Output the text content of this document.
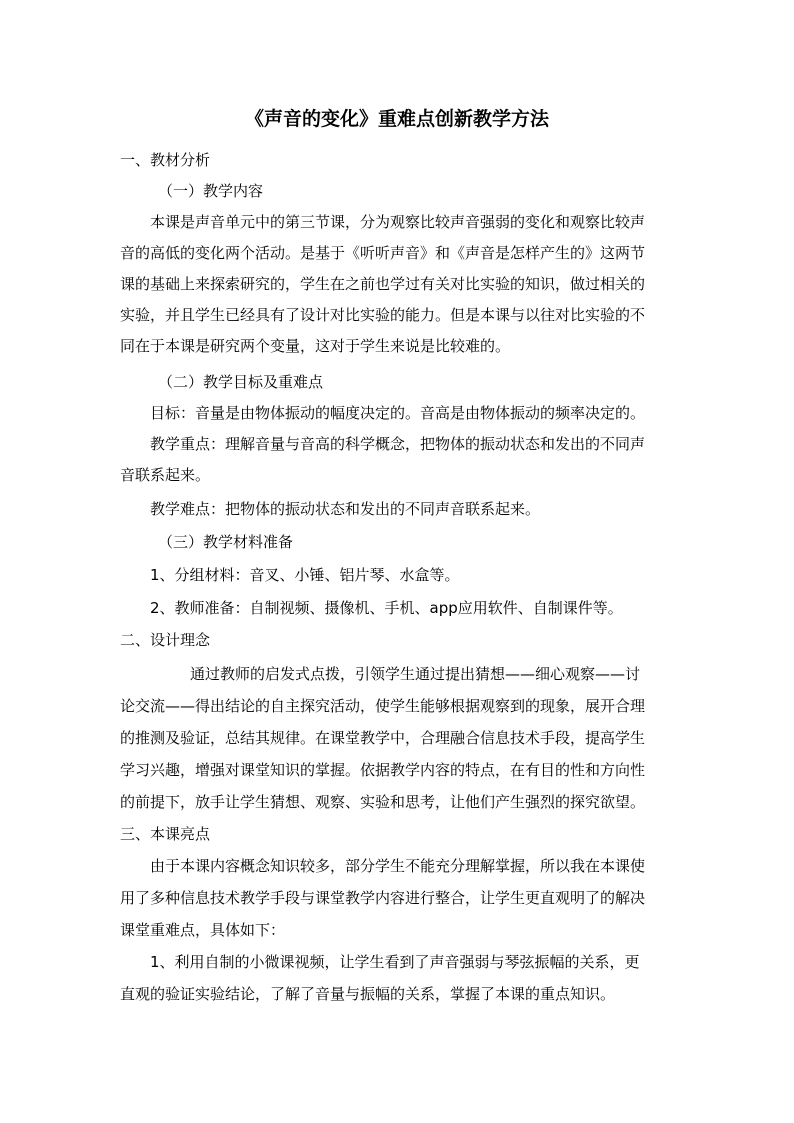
《声音的变化》重难点创新教学方法
一、教材分析
（一）教学内容
本课是声音单元中的第三节课，分为观察比较声音强弱的变化和观察比较声
音的高低的变化两个活动。是基于《听听声音》和《声音是怎样产生的》这两节
课的基础上来探索研究的，学生在之前也学过有关对比实验的知识，做过相关的
实验，并且学生已经具有了设计对比实验的能力。但是本课与以往对比实验的不
同在于本课是研究两个变量，这对于学生来说是比较难的。
（二）教学目标及重难点
目标：音量是由物体振动的幅度决定的。音高是由物体振动的频率决定的。
教学重点：理解音量与音高的科学概念，把物体的振动状态和发出的不同声
音联系起来。
教学难点：把物体的振动状态和发出的不同声音联系起来。
（三）教学材料准备
1、分组材料：音叉、小锤、铝片琴、水盒等。
2、教师准备：自制视频、摄像机、手机、app应用软件、自制课件等。
二、设计理念
通过教师的启发式点拨，引领学生通过提出猜想——细心观察——讨
论交流——得出结论的自主探究活动，使学生能够根据观察到的现象，展开合理
的推测及验证，总结其规律。在课堂教学中，合理融合信息技术手段，提高学生
学习兴趣，增强对课堂知识的掌握。依据教学内容的特点，在有目的性和方向性
的前提下，放手让学生猜想、观察、实验和思考，让他们产生强烈的探究欲望。
三、本课亮点
由于本课内容概念知识较多，部分学生不能充分理解掌握，所以我在本课使
用了多种信息技术教学手段与课堂教学内容进行整合，让学生更直观明了的解决
课堂重难点，具体如下：
1、利用自制的小微课视频，让学生看到了声音强弱与琴弦振幅的关系，更
直观的验证实验结论，了解了音量与振幅的关系，掌握了本课的重点知识。
